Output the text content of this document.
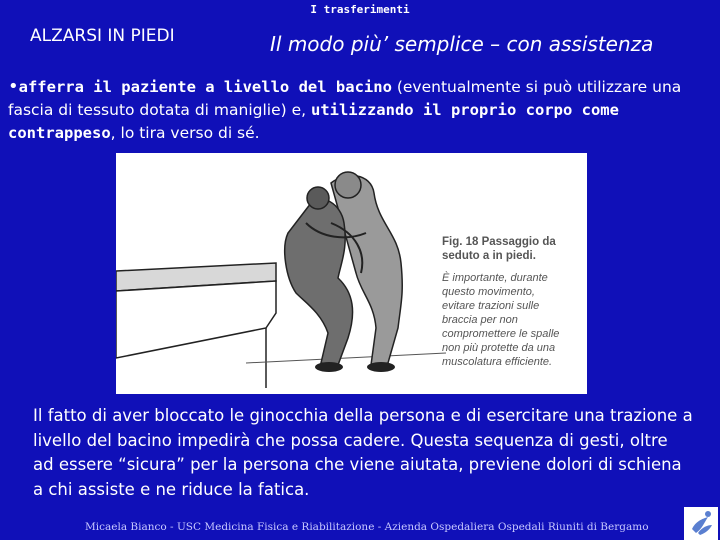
I trasferimenti
ALZARSI IN PIEDI	Il modo più’ semplice – con assistenza
•afferra il paziente a livello del bacino (eventualmente si può utilizzare una fascia di tessuto dotata di maniglie) e, utilizzando il proprio corpo come contrappeso, lo tira verso di sé.
Fig. 18 Passaggio da
seduto a in piedi.
È importante, durante
questo movimento,
evitare trazioni sulle
braccia per non
compromettere le spalle
non più protette da una
muscolatura efficiente.
Il fatto di aver bloccato le ginocchia della persona e di esercitare una trazione a livello del bacino impedirà che possa cadere. Questa sequenza di gesti, oltre ad essere “sicura” per la persona che viene aiutata, previene dolori di schiena a chi assiste e ne riduce la fatica.
Micaela Bianco - USC Medicina Fisica e Riabilitazione - Azienda Ospedaliera Ospedali Riuniti di Bergamo
